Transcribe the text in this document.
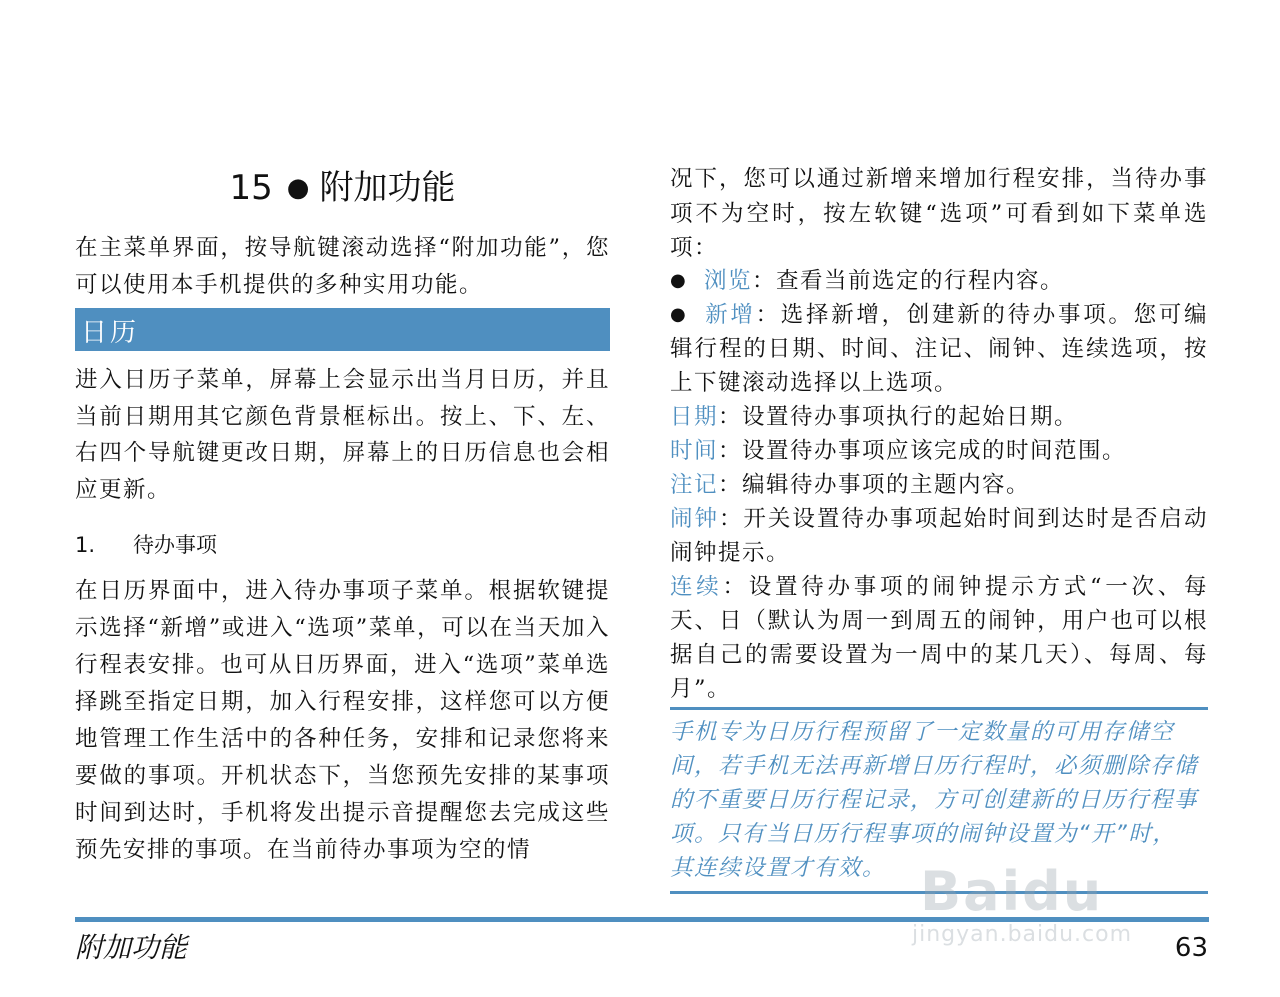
15 ● 附加功能

在主菜单界面，按导航键滚动选择“附加功能”，您可以使用本手机提供的多种实用功能。

日历

进入日历子菜单，屏幕上会显示出当月日历，并且当前日期用其它颜色背景框标出。按上、下、左、右四个导航键更改日期，屏幕上的日历信息也会相应更新。

1. 待办事项

在日历界面中，进入待办事项子菜单。根据软键提示选择“新增”或进入“选项”菜单，可以在当天加入行程表安排。也可从日历界面，进入“选项”菜单选择跳至指定日期，加入行程安排，这样您可以方便地管理工作生活中的各种任务，安排和记录您将来要做的事项。开机状态下，当您预先安排的某事项时间到达时，手机将发出提示音提醒您去完成这些预先安排的事项。在当前待办事项为空的情

况下，您可以通过新增来增加行程安排，当待办事项不为空时，按左软键“选项”可看到如下菜单选项：

● 浏览：查看当前选定的行程内容。
● 新增：选择新增，创建新的待办事项。您可编辑行程的日期、时间、注记、闹钟、连续选项，按上下键滚动选择以上选项。

日期：设置待办事项执行的起始日期。

时间：设置待办事项应该完成的时间范围。

注记：编辑待办事项的主题内容。

闹钟：开关设置待办事项起始时间到达时是否启动闹钟提示。

连续：设置待办事项的闹钟提示方式“一次、每天、日（默认为周一到周五的闹钟，用户也可以根据自己的需要设置为一周中的某几天）、每周、每月”。

手机专为日历行程预留了一定数量的可用存储空间，若手机无法再新增日历行程时，必须删除存储的不重要日历行程记录，方可创建新的日历行程事项。只有当日历行程事项的闹钟设置为“开”时，其连续设置才有效。

附加功能	63
Baidu
jingyan.baidu.com
